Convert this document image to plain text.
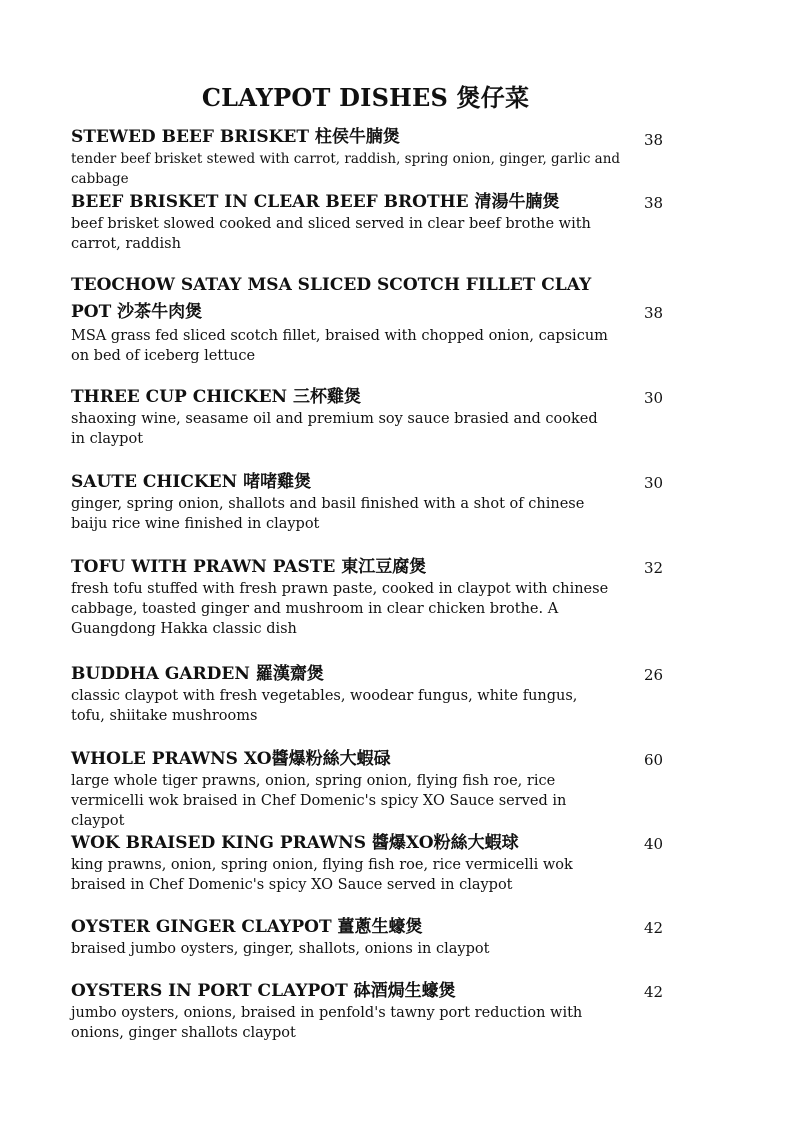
CLAYPOT DISHES 煲仔菜
STEWED BEEF BRISKET 柱侯牛腩煲
tender beef brisket stewed with carrot, raddish, spring onion, ginger, garlic and cabbage
38
BEEF BRISKET IN CLEAR BEEF BROTHE 清湯牛腩煲
beef brisket slowed cooked and sliced served in clear beef brothe with carrot, raddish
38
TEOCHOW SATAY MSA SLICED SCOTCH FILLET CLAY POT 沙茶牛肉煲
MSA grass fed sliced scotch fillet, braised with chopped onion, capsicum on bed of iceberg lettuce
38
THREE CUP CHICKEN 三杯雞煲
shaoxing wine, seasame oil and premium soy sauce brasied and cooked in claypot
30
SAUTE CHICKEN 啫啫雞煲
ginger, spring onion, shallots and basil finished with a shot of chinese baiju rice wine finished in claypot
30
TOFU WITH PRAWN PASTE 東江豆腐煲
fresh tofu stuffed with fresh prawn paste, cooked in claypot with chinese cabbage, toasted ginger and mushroom in clear chicken brothe. A Guangdong Hakka classic dish
32
BUDDHA GARDEN 羅漢齋煲
classic claypot with fresh vegetables, woodear fungus, white fungus, tofu, shiitake mushrooms
26
WHOLE PRAWNS XO醬爆粉絲大蝦碌
large whole tiger prawns, onion, spring onion, flying fish roe, rice vermicelli wok braised in Chef Domenic's spicy XO Sauce served in claypot
60
WOK BRAISED KING PRAWNS 醬爆XO粉絲大蝦球
king prawns, onion, spring onion, flying fish roe, rice vermicelli wok braised in Chef Domenic's spicy XO Sauce served in claypot
40
OYSTER GINGER CLAYPOT 薑蔥生蠔煲
braised jumbo oysters, ginger, shallots, onions in claypot
42
OYSTERS IN PORT CLAYPOT 砵酒焗生蠔煲
jumbo oysters, onions, braised in penfold's tawny port reduction with onions, ginger shallots claypot
42
